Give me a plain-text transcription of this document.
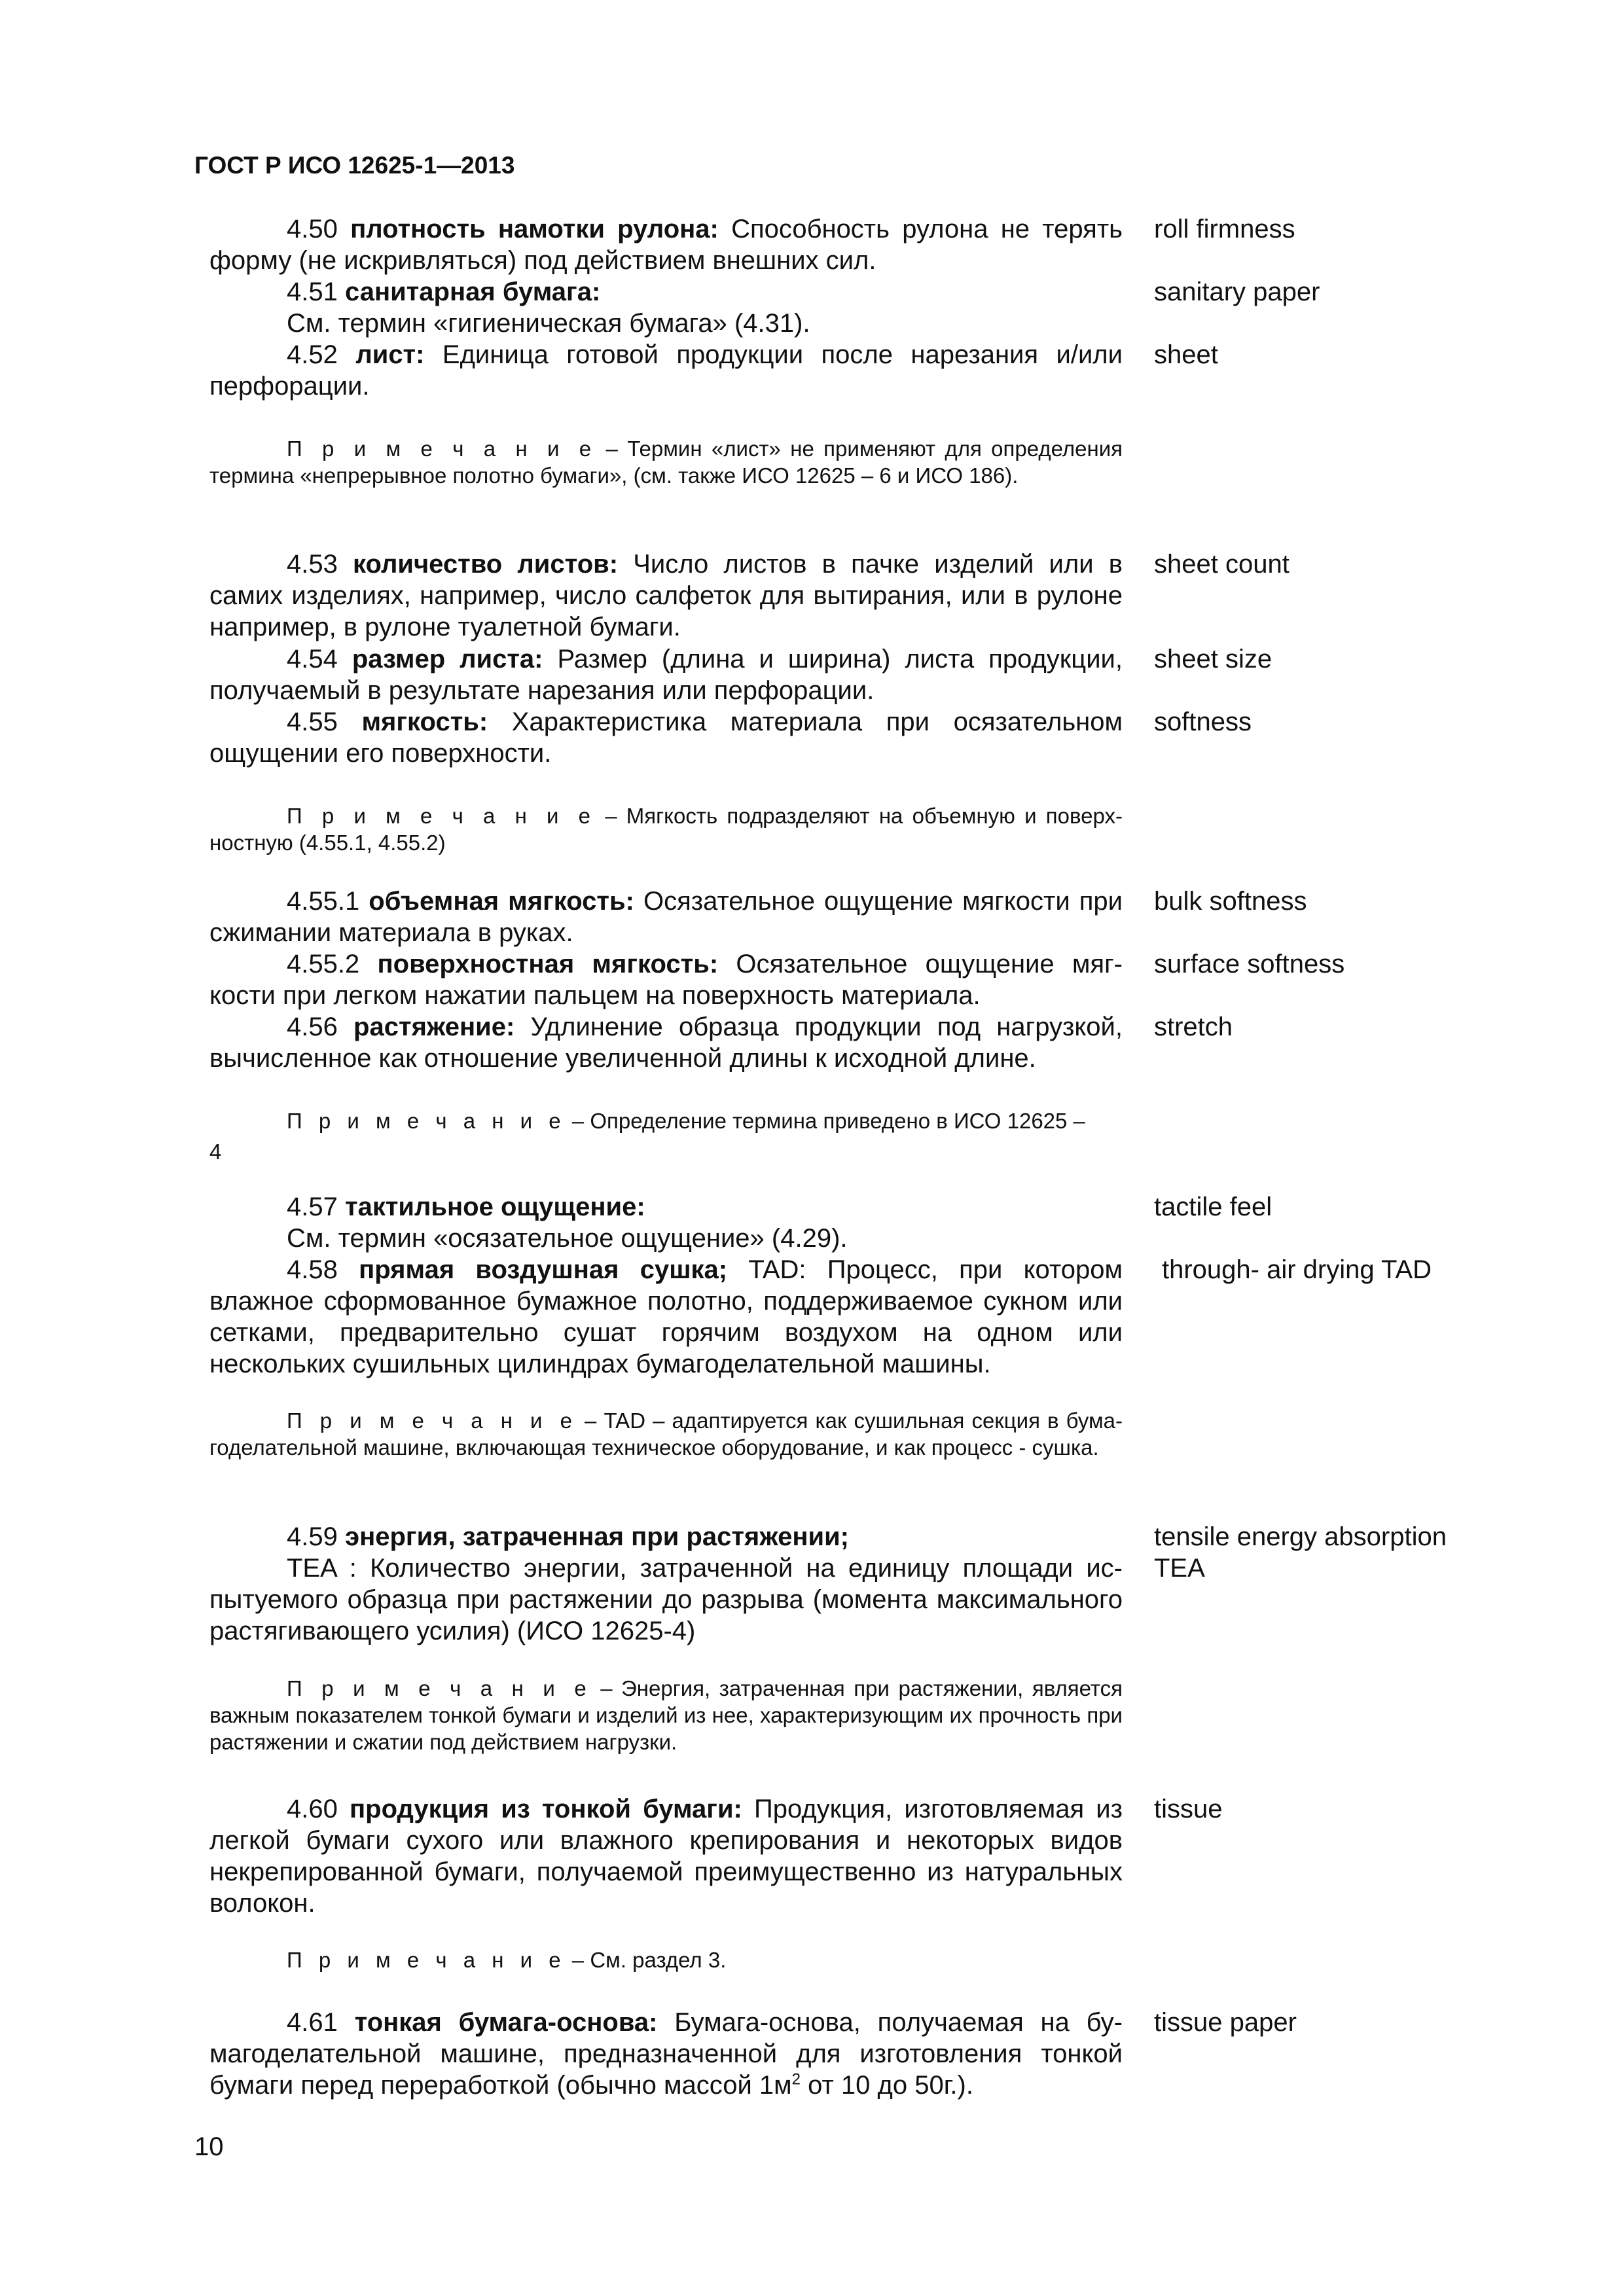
ГОСТ Р ИСО 12625-1—2013
4.50 плотность намотки рулона: Способность рулона не терять форму (не искривляться) под действием внешних сил.
roll firmness
4.51 санитарная бумага:
См. термин «гигиеническая бумага» (4.31).
sanitary paper
4.52 лист: Единица готовой продукции после нарезания и/или перфорации.
sheet
П р и м е ч а н и е – Термин «лист» не применяют для определения термина «непрерывное полотно бумаги», (см. также ИСО 12625 – 6 и ИСО 186).
4.53 количество листов: Число листов в пачке изделий или в самих изделиях, например, число салфеток для вытирания, или в рулоне например, в рулоне туалетной бумаги.
sheet count
4.54 размер листа: Размер (длина и ширина) листа продукции, получаемый в результате нарезания или перфорации.
sheet size
4.55 мягкость: Характеристика материала при осязательном ощущении его поверхности.
softness
П р и м е ч а н и е – Мягкость подразделяют на объемную и поверхностную (4.55.1, 4.55.2)
4.55.1 объемная мягкость: Осязательное ощущение мягкости при сжимании материала в руках.
bulk softness
4.55.2 поверхностная мягкость: Осязательное ощущение мягкости при легком нажатии пальцем на поверхность материала.
surface softness
4.56 растяжение: Удлинение образца продукции под нагрузкой, вычисленное как отношение увеличенной длины к исходной длине.
stretch
П р и м е ч а н и е – Определение термина приведено в ИСО 12625 –
4
4.57 тактильное ощущение:
См. термин «осязательное ощущение» (4.29).
tactile feel
4.58 прямая воздушная сушка; TAD: Процесс, при котором влажное сформованное бумажное полотно, поддерживаемое сукном или сетками, предварительно сушат горячим воздухом на одном или нескольких сушильных цилиндрах бумагоделательной машины.
through- air drying TAD
П р и м е ч а н и е – TAD – адаптируется как сушильная секция в бумагоделательной машине, включающая техническое оборудование, и как процесс - сушка.
4.59 энергия, затраченная при растяжении;
TEA : Количество энергии, затраченной на единицу площади испытуемого образца при растяжении до разрыва (момента максимального растягивающего усилия) (ИСО 12625-4)
tensile energy absorption TEA
П р и м е ч а н и е – Энергия, затраченная при растяжении, является важным показателем тонкой бумаги и изделий из нее, характеризующим их прочность при растяжении и сжатии под действием нагрузки.
4.60 продукция из тонкой бумаги: Продукция, изготовляемая из легкой бумаги сухого или влажного крепирования и некоторых видов некрепированной бумаги, получаемой преимущественно из натуральных волокон.
tissue
П р и м е ч а н и е – См. раздел 3.
4.61 тонкая бумага-основа: Бумага-основа, получаемая на бумагоделательной машине, предназначенной для изготовления тонкой бумаги перед переработкой (обычно массой $1м^2$ от 10 до 50г.).
tissue paper
10
